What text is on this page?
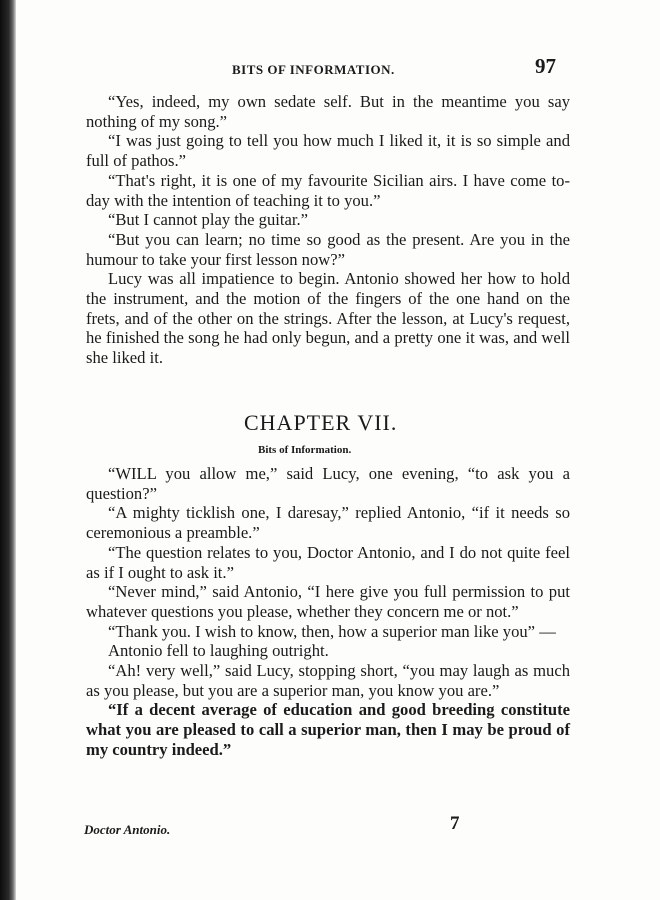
BITS OF INFORMATION.	97

“Yes, indeed, my own sedate self. But in the meantime you say nothing of my song.”

“I was just going to tell you how much I liked it, it is so simple and full of pathos.”

“That's right, it is one of my favourite Sicilian airs. I have come to-day with the intention of teaching it to you.”

“But I cannot play the guitar.”

“But you can learn; no time so good as the present. Are you in the humour to take your first lesson now?”

Lucy was all impatience to begin. Antonio showed her how to hold the instrument, and the motion of the fingers of the one hand on the frets, and of the other on the strings. After the lesson, at Lucy's request, he finished the song he had only begun, and a pretty one it was, and well she liked it.

CHAPTER VII.
Bits of Information.

“WILL you allow me,” said Lucy, one evening, “to ask you a question?”

“A mighty ticklish one, I daresay,” replied Antonio, “if it needs so ceremonious a preamble.”

“The question relates to you, Doctor Antonio, and I do not quite feel as if I ought to ask it.”

“Never mind,” said Antonio, “I here give you full permission to put whatever questions you please, whether they concern me or not.”

“Thank you. I wish to know, then, how a superior man like you” —

Antonio fell to laughing outright.

“Ah! very well,” said Lucy, stopping short, “you may laugh as much as you please, but you are a superior man, you know you are.”

“If a decent average of education and good breeding constitute what you are pleased to call a superior man, then I may be proud of my country indeed.”

Doctor Antonio.	7
